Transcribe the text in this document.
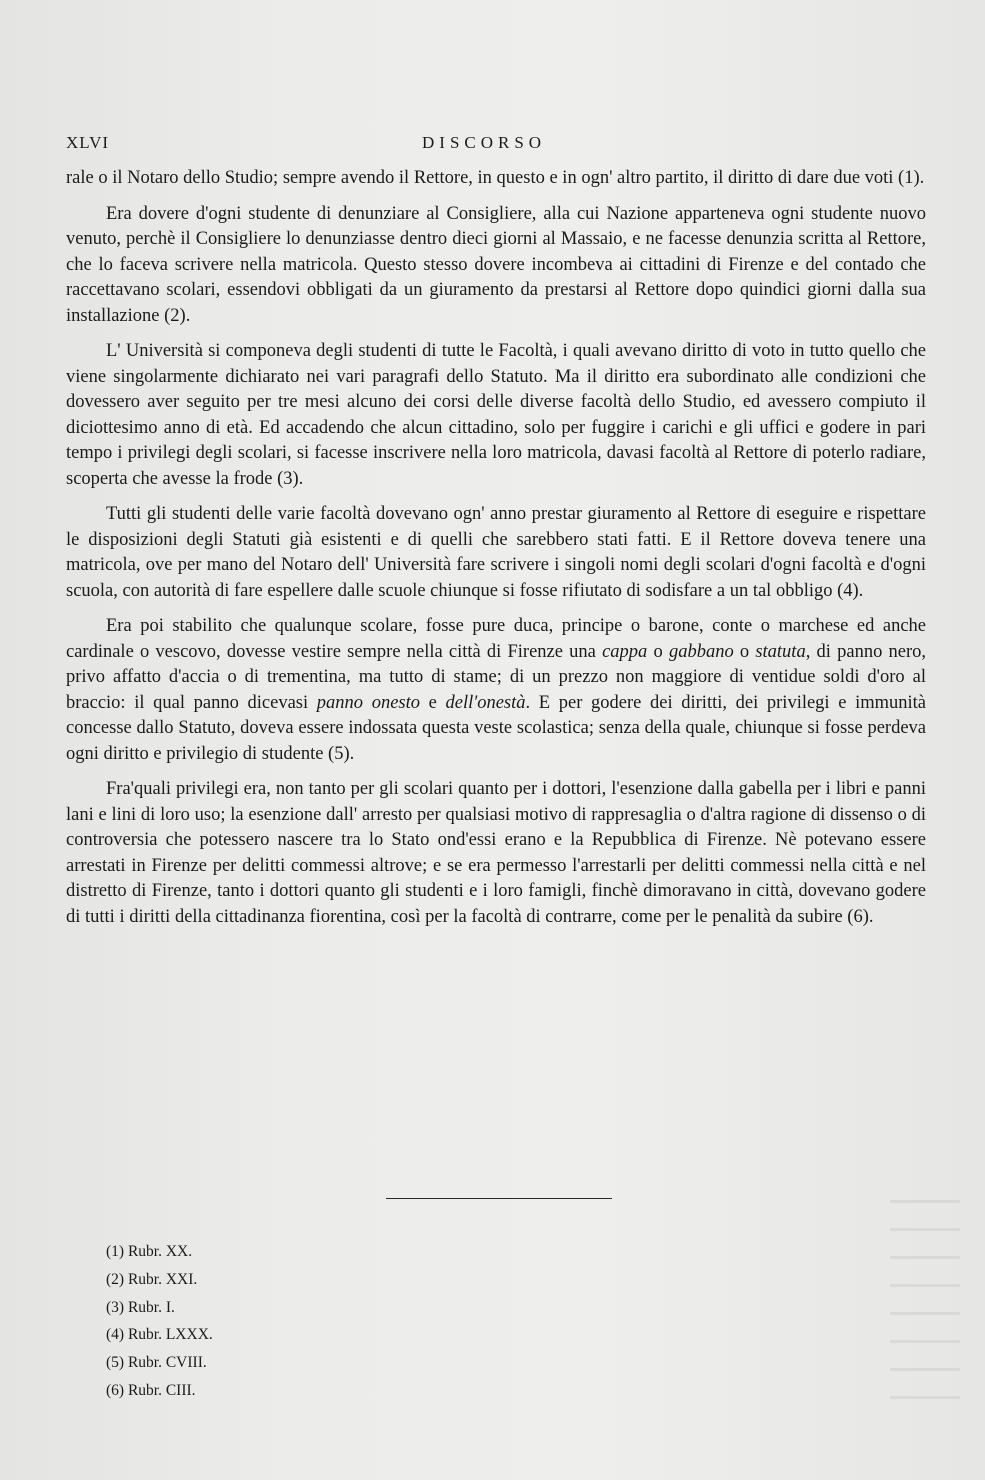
XLVI	DISCORSO

rale o il Notaro dello Studio; sempre avendo il Rettore, in questo e in ogn' altro partito, il diritto di dare due voti (1).

Era dovere d'ogni studente di denunziare al Consigliere, alla cui Nazione apparteneva ogni studente nuovo venuto, perchè il Consigliere lo denunziasse dentro dieci giorni al Massaio, e ne facesse denunzia scritta al Rettore, che lo faceva scrivere nella matricola. Questo stesso dovere incombeva ai cittadini di Firenze e del contado che raccettavano scolari, essendovi obbligati da un giuramento da prestarsi al Rettore dopo quindici giorni dalla sua installazione (2).

L' Università si componeva degli studenti di tutte le Facoltà, i quali avevano diritto di voto in tutto quello che viene singolarmente dichiarato nei vari paragrafi dello Statuto. Ma il diritto era subordinato alle condizioni che dovessero aver seguito per tre mesi alcuno dei corsi delle diverse facoltà dello Studio, ed avessero compiuto il diciottesimo anno di età. Ed accadendo che alcun cittadino, solo per fuggire i carichi e gli uffici e godere in pari tempo i privilegi degli scolari, si facesse inscrivere nella loro matricola, davasi facoltà al Rettore di poterlo radiare, scoperta che avesse la frode (3).

Tutti gli studenti delle varie facoltà dovevano ogn' anno prestar giuramento al Rettore di eseguire e rispettare le disposizioni degli Statuti già esistenti e di quelli che sarebbero stati fatti. E il Rettore doveva tenere una matricola, ove per mano del Notaro dell' Università fare scrivere i singoli nomi degli scolari d'ogni facoltà e d'ogni scuola, con autorità di fare espellere dalle scuole chiunque si fosse rifiutato di sodisfare a un tal obbligo (4).

Era poi stabilito che qualunque scolare, fosse pure duca, principe o barone, conte o marchese ed anche cardinale o vescovo, dovesse vestire sempre nella città di Firenze una cappa o gabbano o statuta, di panno nero, privo affatto d'accia o di trementina, ma tutto di stame; di un prezzo non maggiore di ventidue soldi d'oro al braccio: il qual panno dicevasi panno onesto e dell'onestà. E per godere dei diritti, dei privilegi e immunità concesse dallo Statuto, doveva essere indossata questa veste scolastica; senza della quale, chiunque si fosse perdeva ogni diritto e privilegio di studente (5).

Fra'quali privilegi era, non tanto per gli scolari quanto per i dottori, l'esenzione dalla gabella per i libri e panni lani e lini di loro uso; la esenzione dall' arresto per qualsiasi motivo di rappresaglia o d'altra ragione di dissenso o di controversia che potessero nascere tra lo Stato ond'essi erano e la Repubblica di Firenze. Nè potevano essere arrestati in Firenze per delitti commessi altrove; e se era permesso l'arrestarli per delitti commessi nella città e nel distretto di Firenze, tanto i dottori quanto gli studenti e i loro famigli, finchè dimoravano in città, dovevano godere di tutti i diritti della cittadinanza fiorentina, così per la facoltà di contrarre, come per le penalità da subire (6).

(1) Rubr. XX.
(2) Rubr. XXI.
(3) Rubr. I.
(4) Rubr. LXXX.
(5) Rubr. CVIII.
(6) Rubr. CIII.
